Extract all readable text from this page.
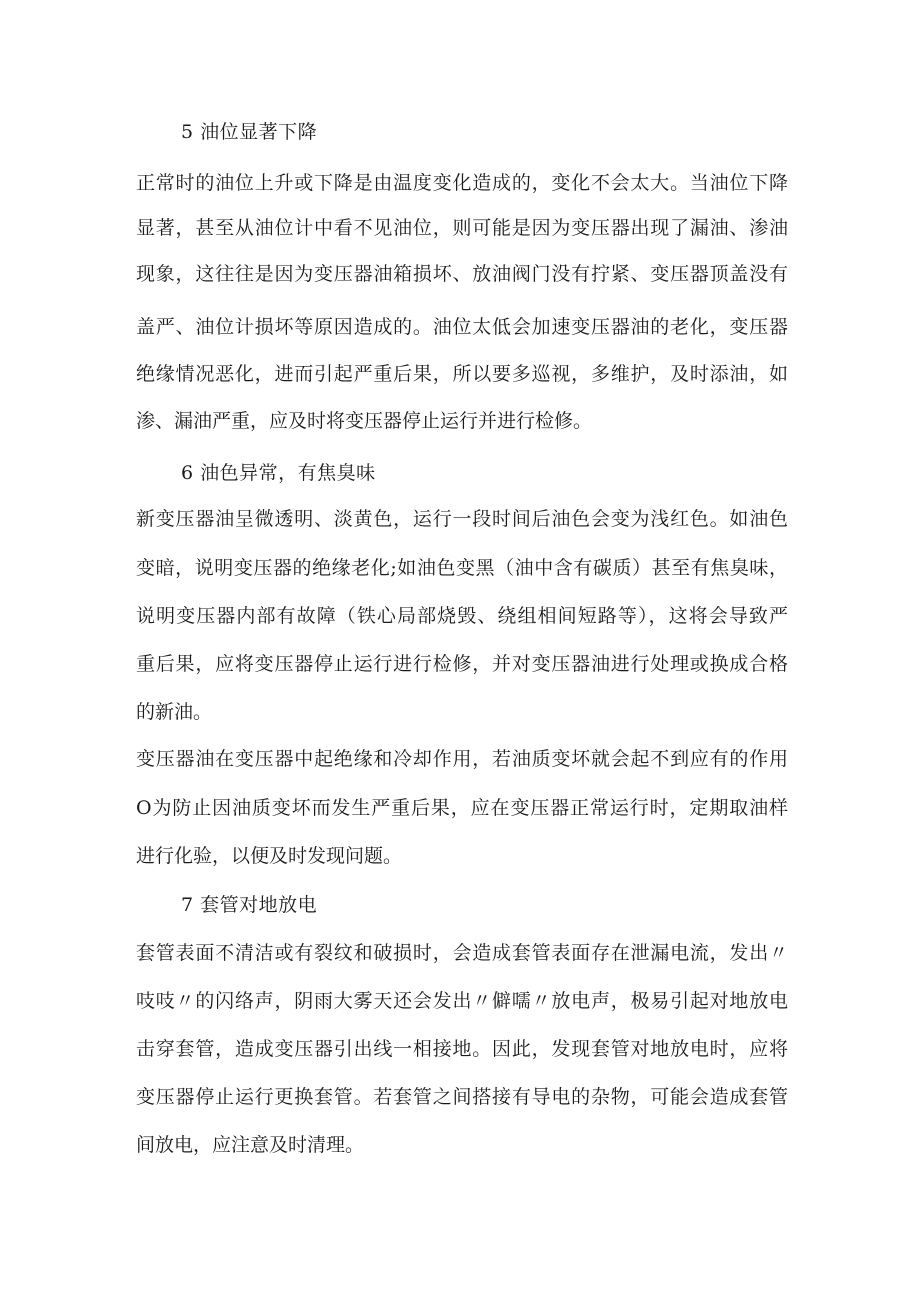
5 油位显著下降
正常时的油位上升或下降是由温度变化造成的，变化不会太大。当油位下降
显著，甚至从油位计中看不见油位，则可能是因为变压器出现了漏油、渗油
现象，这往往是因为变压器油箱损坏、放油阀门没有拧紧、变压器顶盖没有
盖严、油位计损坏等原因造成的。油位太低会加速变压器油的老化，变压器
绝缘情况恶化，进而引起严重后果，所以要多巡视，多维护，及时添油，如
渗、漏油严重，应及时将变压器停止运行并进行检修。
6 油色异常，有焦臭味
新变压器油呈微透明、淡黄色，运行一段时间后油色会变为浅红色。如油色
变暗，说明变压器的绝缘老化;如油色变黑（油中含有碳质）甚至有焦臭味，
说明变压器内部有故障（铁心局部烧毁、绕组相间短路等），这将会导致严
重后果，应将变压器停止运行进行检修，并对变压器油进行处理或换成合格
的新油。
变压器油在变压器中起绝缘和冷却作用，若油质变坏就会起不到应有的作用
O为防止因油质变坏而发生严重后果，应在变压器正常运行时，定期取油样
进行化验，以便及时发现问题。
7 套管对地放电
套管表面不清洁或有裂纹和破损时，会造成套管表面存在泄漏电流，发出〃
吱吱〃的闪络声，阴雨大雾天还会发出〃僻嚅〃放电声，极易引起对地放电
击穿套管，造成变压器引出线一相接地。因此，发现套管对地放电时，应将
变压器停止运行更换套管。若套管之间搭接有导电的杂物，可能会造成套管
间放电，应注意及时清理。
